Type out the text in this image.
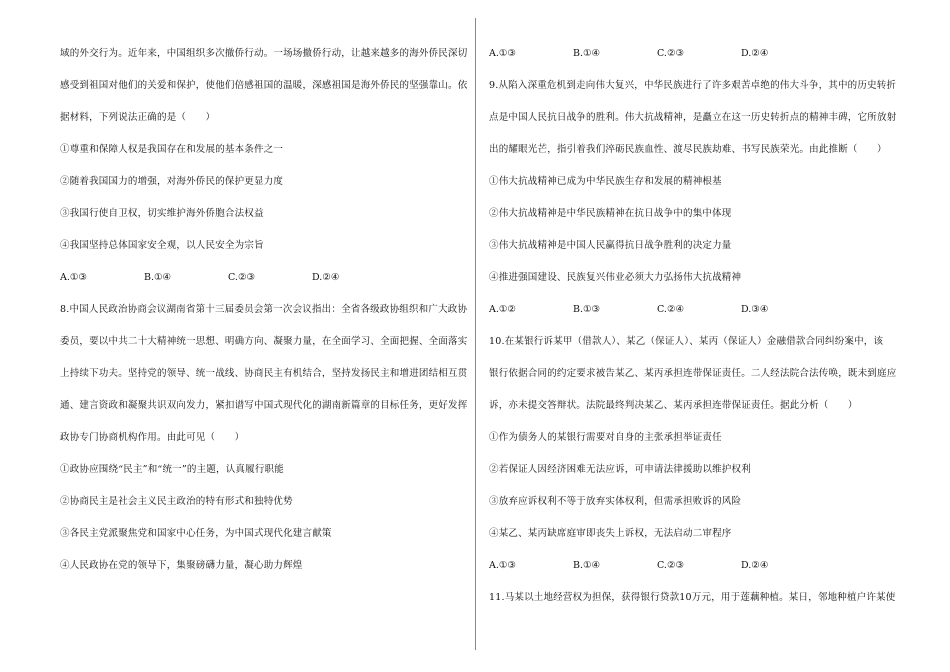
域的外交行为。近年来，中国组织多次撤侨行动。一场场撤侨行动，让越来越多的海外侨民深切
感受到祖国对他们的关爱和保护，使他们倍感祖国的温暖，深感祖国是海外侨民的坚强靠山。依
据材料，下列说法正确的是（　　）
①尊重和保障人权是我国存在和发展的基本条件之一
②随着我国国力的增强，对海外侨民的保护更显力度
③我国行使自卫权，切实维护海外侨胞合法权益
④我国坚持总体国家安全观，以人民安全为宗旨
A.①③	B.①④	C.②③	D.②④
8.中国人民政治协商会议湖南省第十三届委员会第一次会议指出：全省各级政协组织和广大政协
委员，要以中共二十大精神统一思想、明确方向、凝聚力量，在全面学习、全面把握、全面落实
上持续下功夫。坚持党的领导、统一战线、协商民主有机结合，坚持发扬民主和增进团结相互贯
通、建言资政和凝聚共识双向发力，紧扣谱写中国式现代化的湖南新篇章的目标任务，更好发挥
政协专门协商机构作用。由此可见（　　）
①政协应围绕“民主”和“统一”的主题，认真履行职能
②协商民主是社会主义民主政治的特有形式和独特优势
③各民主党派聚焦党和国家中心任务，为中国式现代化建言献策
④人民政协在党的领导下，集聚磅礴力量，凝心助力辉煌
A.①③	B.①④	C.②③	D.②④
9.从陷入深重危机到走向伟大复兴，中华民族进行了许多艰苦卓绝的伟大斗争，其中的历史转折
点是中国人民抗日战争的胜利。伟大抗战精神，是矗立在这一历史转折点的精神丰碑，它所放射
出的耀眼光芒，指引着我们淬砺民族血性、渡尽民族劫难、书写民族荣光。由此推断（　　）
①伟大抗战精神已成为中华民族生存和发展的精神根基
②伟大抗战精神是中华民族精神在抗日战争中的集中体现
③伟大抗战精神是中国人民赢得抗日战争胜利的决定力量
④推进强国建设、民族复兴伟业必须大力弘扬伟大抗战精神
A.①②	B.①③	C.②④	D.③④
10.在某银行诉某甲（借款人）、某乙（保证人）、某丙（保证人）金融借款合同纠纷案中，该
银行依据合同的约定要求被告某乙、某丙承担连带保证责任。二人经法院合法传唤，既未到庭应
诉，亦未提交答辩状。法院最终判决某乙、某丙承担连带保证责任。据此分析（　　）
①作为债务人的某银行需要对自身的主张承担举证责任
②若保证人因经济困难无法应诉，可申请法律援助以维护权利
③放弃应诉权利不等于放弃实体权利，但需承担败诉的风险
④某乙、某丙缺席庭审即丧失上诉权，无法启动二审程序
A.①③	B.①④	C.②③	D.②④
11.马某以土地经营权为担保，获得银行贷款10万元，用于莲藕种植。某日，邻地种植户许某使
